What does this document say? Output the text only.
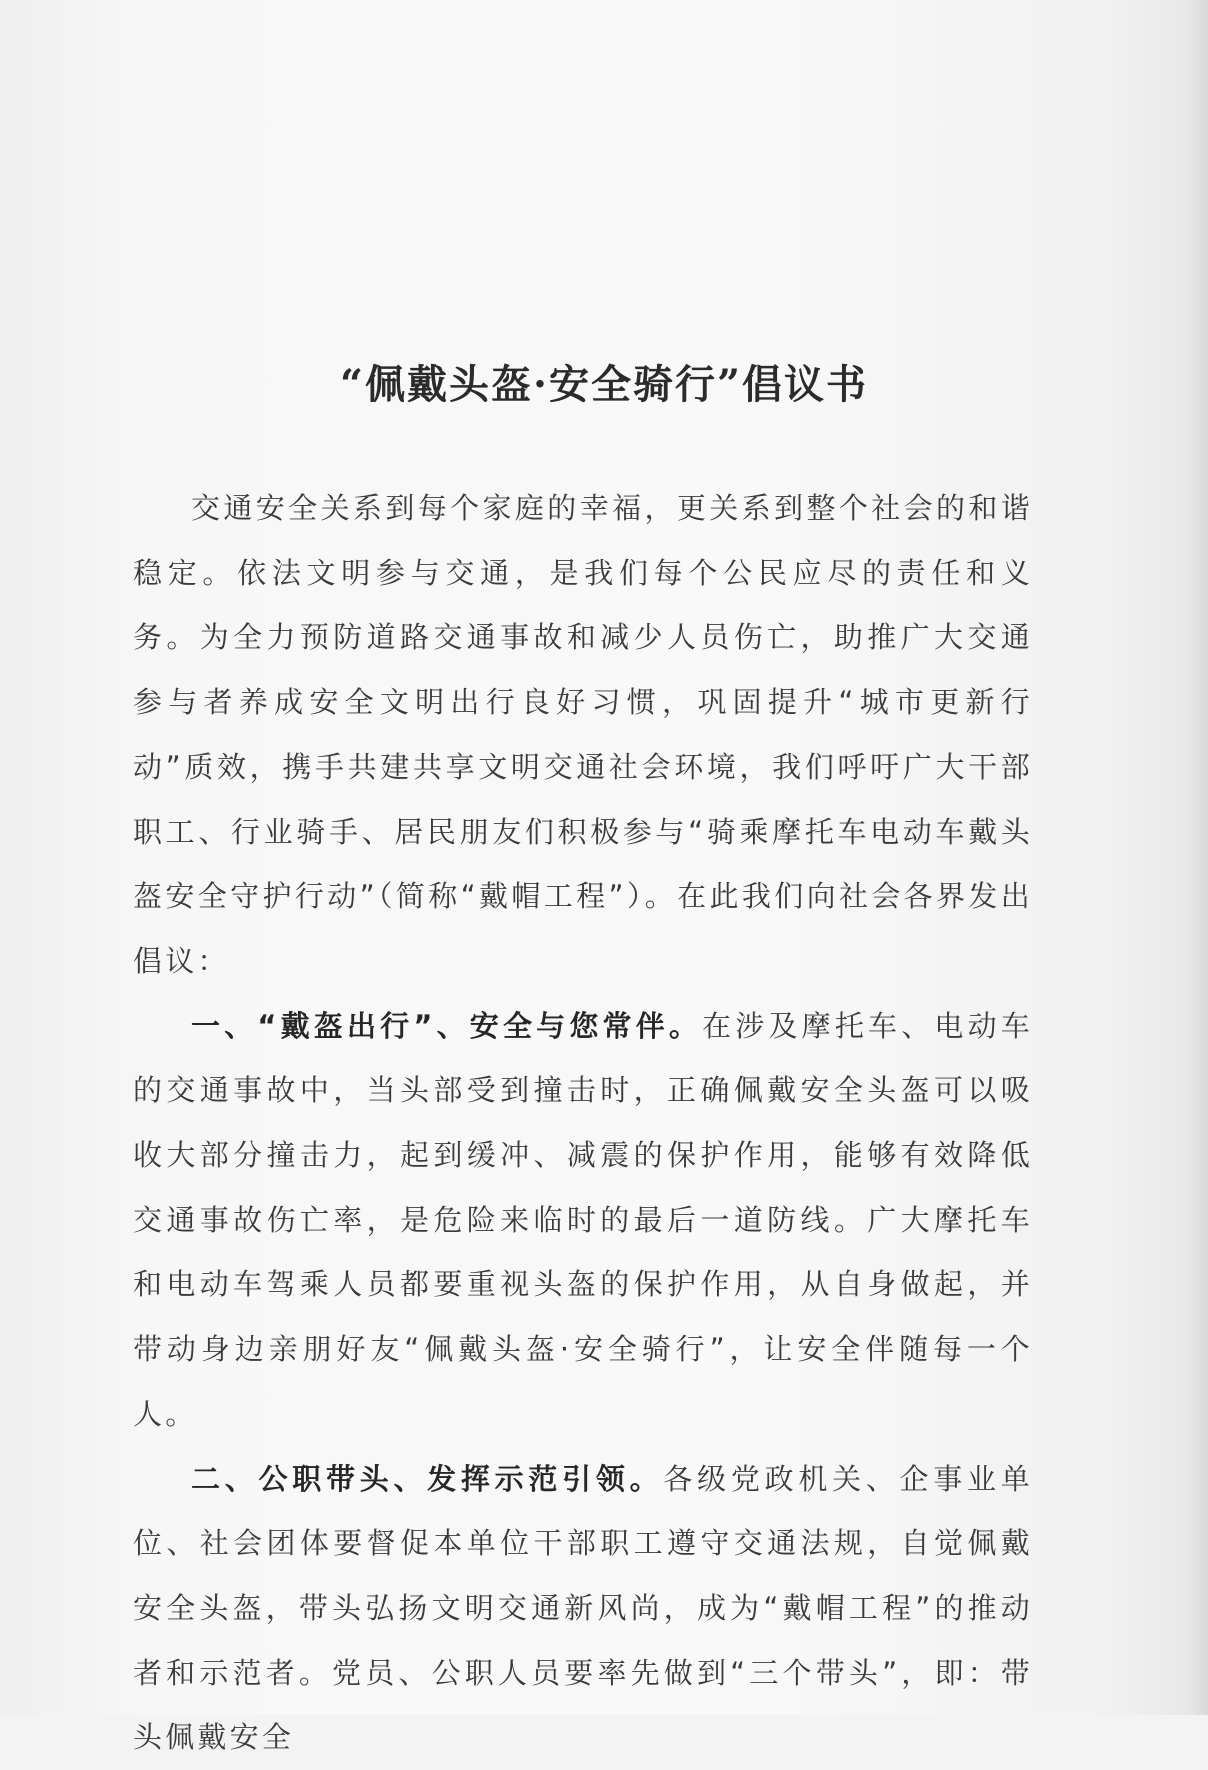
“佩戴头盔·安全骑行”倡议书

交通安全关系到每个家庭的幸福，更关系到整个社会的和谐稳定。依法文明参与交通，是我们每个公民应尽的责任和义务。为全力预防道路交通事故和减少人员伤亡，助推广大交通参与者养成安全文明出行良好习惯，巩固提升“城市更新行动”质效，携手共建共享文明交通社会环境，我们呼吁广大干部职工、行业骑手、居民朋友们积极参与“骑乘摩托车电动车戴头盔安全守护行动”（简称“戴帽工程”）。在此我们向社会各界发出倡议：

一、“戴盔出行”、安全与您常伴。在涉及摩托车、电动车的交通事故中，当头部受到撞击时，正确佩戴安全头盔可以吸收大部分撞击力，起到缓冲、减震的保护作用，能够有效降低交通事故伤亡率，是危险来临时的最后一道防线。广大摩托车和电动车驾乘人员都要重视头盔的保护作用，从自身做起，并带动身边亲朋好友“佩戴头盔·安全骑行”，让安全伴随每一个人。

二、公职带头、发挥示范引领。各级党政机关、企事业单位、社会团体要督促本单位干部职工遵守交通法规，自觉佩戴安全头盔，带头弘扬文明交通新风尚，成为“戴帽工程”的推动者和示范者。党员、公职人员要率先做到“三个带头”，即：带头佩戴安全
